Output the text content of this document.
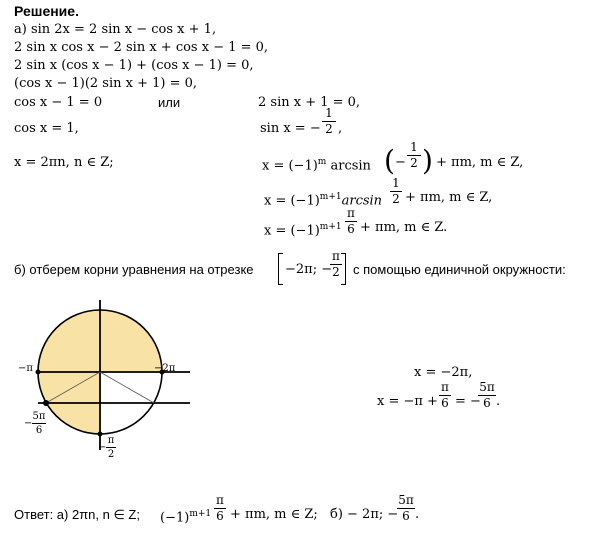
Решение.
а) sin 2x = 2 sin x − cos x + 1,
2 sin x cos x − 2 sin x + cos x − 1 = 0,
2 sin x (cos x − 1) + (cos x − 1) = 0,
(cos x − 1)(2 sin x + 1) = 0,
cos x − 1 = 0	или	2 sin x + 1 = 0,
cos x = 1,	sin x = −
1
2 ,
x = 2πn, n ∈ Z;	$x = (-1)^m$ arcsin ( −
1
2 ) + πm, m ∈ Z,
$x = (-1)^{m+1}\arcsin$
1
2 + πm, m ∈ Z,
$x = (-1)^{m+1}$
π
6 + πm, m ∈ Z.
б) отберем корни уравнения на отрезке −2π; −
π
2 с помощью единичной окружности:
−π	−2π
−
5π
6
−
π
2
x = −2π,
x = −π +
π
6 = −
5π
6 .
Ответ: а) 2πn, n ∈ Z; $(-1)^{m+1}$
π
6 + πm, m ∈ Z; б) − 2π; −
5π
6 .
